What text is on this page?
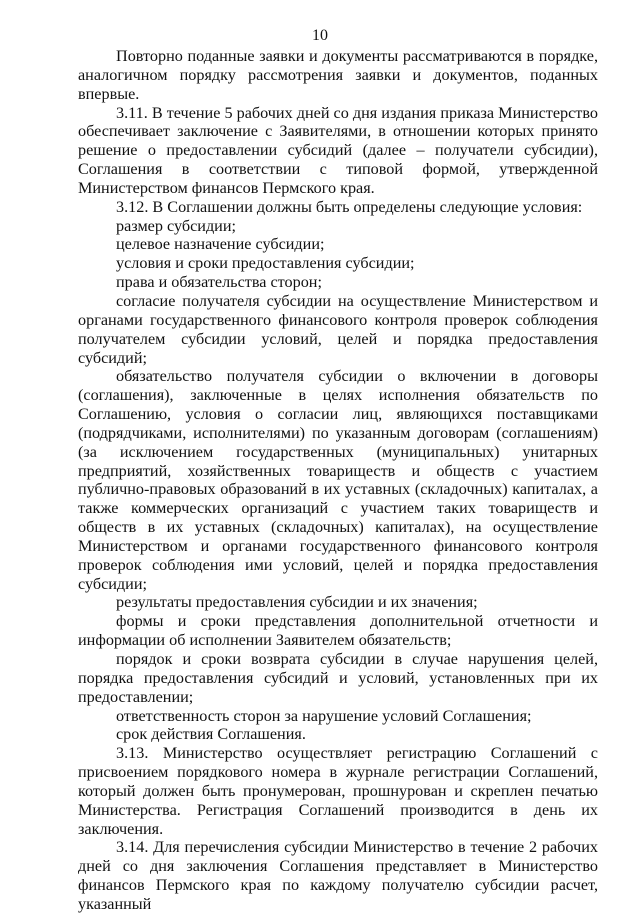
10

Повторно поданные заявки и документы рассматриваются в порядке, аналогичном порядку рассмотрения заявки и документов, поданных впервые.

3.11. В течение 5 рабочих дней со дня издания приказа Министерство обеспечивает заключение с Заявителями, в отношении которых принято решение о предоставлении субсидий (далее – получатели субсидии), Соглашения в соответствии с типовой формой, утвержденной Министерством финансов Пермского края.

3.12. В Соглашении должны быть определены следующие условия:

размер субсидии;

целевое назначение субсидии;

условия и сроки предоставления субсидии;

права и обязательства сторон;

согласие получателя субсидии на осуществление Министерством и органами государственного финансового контроля проверок соблюдения получателем субсидии условий, целей и порядка предоставления субсидий;

обязательство получателя субсидии о включении в договоры (соглашения), заключенные в целях исполнения обязательств по Соглашению, условия о согласии лиц, являющихся поставщиками (подрядчиками, исполнителями) по указанным договорам (соглашениям) (за исключением государственных (муниципальных) унитарных предприятий, хозяйственных товариществ и обществ с участием публично-правовых образований в их уставных (складочных) капиталах, а также коммерческих организаций с участием таких товариществ и обществ в их уставных (складочных) капиталах), на осуществление Министерством и органами государственного финансового контроля проверок соблюдения ими условий, целей и порядка предоставления субсидии;

результаты предоставления субсидии и их значения;

формы и сроки представления дополнительной отчетности и информации об исполнении Заявителем обязательств;

порядок и сроки возврата субсидии в случае нарушения целей, порядка предоставления субсидий и условий, установленных при их предоставлении;

ответственность сторон за нарушение условий Соглашения;

срок действия Соглашения.

3.13. Министерство осуществляет регистрацию Соглашений с присвоением порядкового номера в журнале регистрации Соглашений, который должен быть пронумерован, прошнурован и скреплен печатью Министерства. Регистрация Соглашений производится в день их заключения.

3.14. Для перечисления субсидии Министерство в течение 2 рабочих дней со дня заключения Соглашения представляет в Министерство финансов Пермского края по каждому получателю субсидии расчет, указанный
